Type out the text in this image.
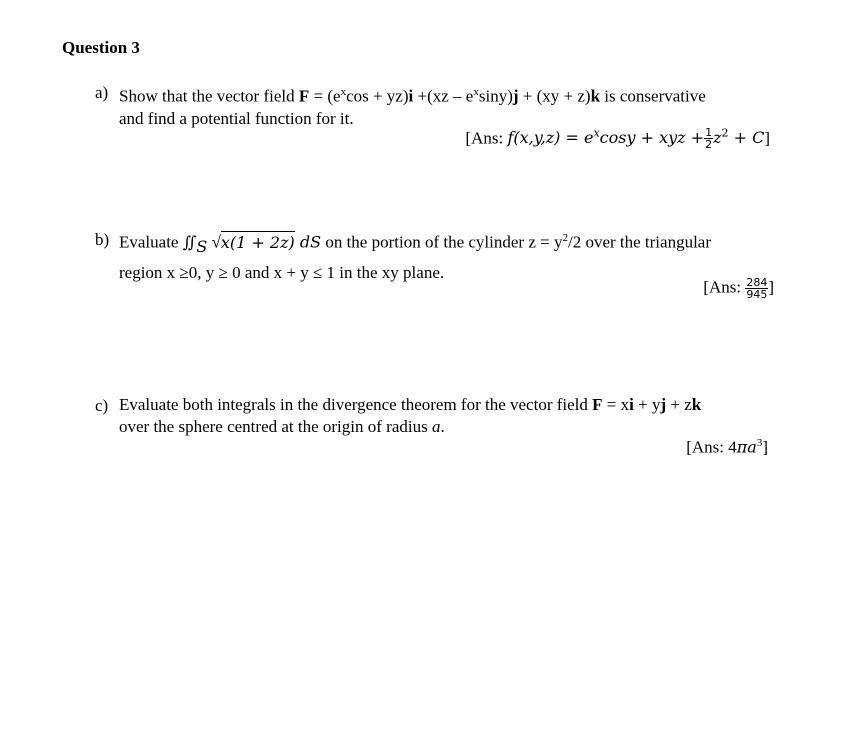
Question 3
a) Show that the vector field $F = (e^x\cos + yz)i +(xz - e^x\sin y)j + (xy + z)k$ is conservative
and find a potential function for it.
[Ans: $f(x,y,z) = e^x\cos y$ + xyz + $\frac{1}{2} z^2 + C$]
b) Evaluate $∬_S$ √x(1 + 2z) dS on the portion of the cylinder $z = y^2/2$ over the triangular
region x ≥0, y ≥ 0 and x + y ≤ 1 in the xy plane.
[Ans: $\frac{284}{945}$ ]
c) Evaluate both integrals in the divergence theorem for the vector field F = xi + yj + zk
over the sphere centred at the origin of radius a.
[Ans: $4\pi a^3$]
